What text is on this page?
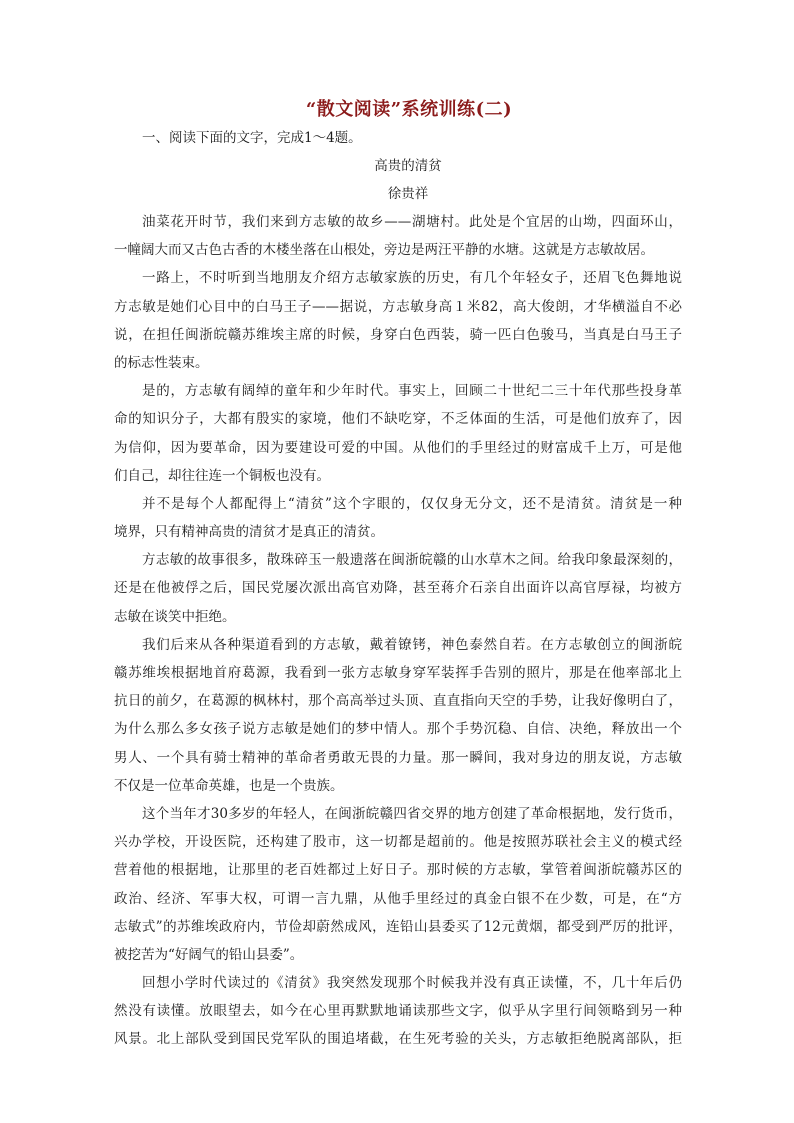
“散文阅读”系统训练(二)
一、阅读下面的文字，完成1～4题。
高贵的清贫
徐贵祥
油菜花开时节，我们来到方志敏的故乡——湖塘村。此处是个宜居的山坳，四面环山，
一幢阔大而又古色古香的木楼坐落在山根处，旁边是两汪平静的水塘。这就是方志敏故居。
一路上，不时听到当地朋友介绍方志敏家族的历史，有几个年轻女子，还眉飞色舞地说
方志敏是她们心目中的白马王子——据说，方志敏身高１米82，高大俊朗，才华横溢自不必
说，在担任闽浙皖赣苏维埃主席的时候，身穿白色西装，骑一匹白色骏马，当真是白马王子
的标志性装束。
是的，方志敏有阔绰的童年和少年时代。事实上，回顾二十世纪二三十年代那些投身革
命的知识分子，大都有殷实的家境，他们不缺吃穿，不乏体面的生活，可是他们放弃了，因
为信仰，因为要革命，因为要建设可爱的中国。从他们的手里经过的财富成千上万，可是他
们自己，却往往连一个铜板也没有。
并不是每个人都配得上“清贫”这个字眼的，仅仅身无分文，还不是清贫。清贫是一种
境界，只有精神高贵的清贫才是真正的清贫。
方志敏的故事很多，散珠碎玉一般遗落在闽浙皖赣的山水草木之间。给我印象最深刻的，
还是在他被俘之后，国民党屡次派出高官劝降，甚至蒋介石亲自出面许以高官厚禄，均被方
志敏在谈笑中拒绝。
我们后来从各种渠道看到的方志敏，戴着镣铐，神色泰然自若。在方志敏创立的闽浙皖
赣苏维埃根据地首府葛源，我看到一张方志敏身穿军装挥手告别的照片，那是在他率部北上
抗日的前夕，在葛源的枫林村，那个高高举过头顶、直直指向天空的手势，让我好像明白了，
为什么那么多女孩子说方志敏是她们的梦中情人。那个手势沉稳、自信、决绝，释放出一个
男人、一个具有骑士精神的革命者勇敢无畏的力量。那一瞬间，我对身边的朋友说，方志敏
不仅是一位革命英雄，也是一个贵族。
这个当年才30多岁的年轻人，在闽浙皖赣四省交界的地方创建了革命根据地，发行货币，
兴办学校，开设医院，还构建了股市，这一切都是超前的。他是按照苏联社会主义的模式经
营着他的根据地，让那里的老百姓都过上好日子。那时候的方志敏，掌管着闽浙皖赣苏区的
政治、经济、军事大权，可谓一言九鼎，从他手里经过的真金白银不在少数，可是，在“方
志敏式”的苏维埃政府内，节俭却蔚然成风，连铅山县委买了12元黄烟，都受到严厉的批评，
被挖苦为“好阔气的铅山县委”。
回想小学时代读过的《清贫》我突然发现那个时候我并没有真正读懂，不，几十年后仍
然没有读懂。放眼望去，如今在心里再默默地诵读那些文字，似乎从字里行间领略到另一种
风景。北上部队受到国民党军队的围追堵截，在生死考验的关头，方志敏拒绝脱离部队，拒
